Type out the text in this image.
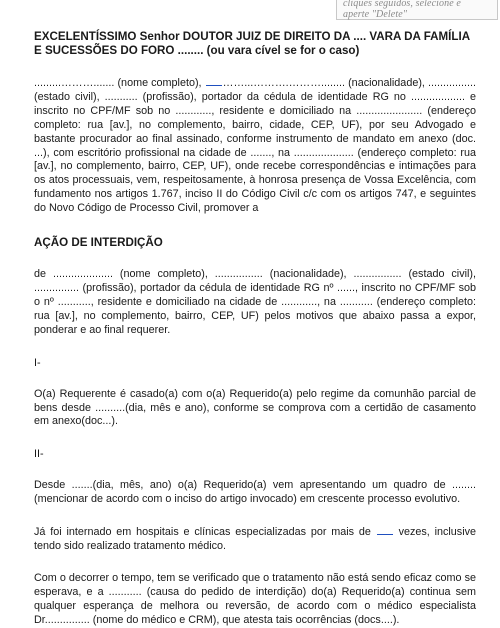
cliques seguidos, selecione e
aperte "Delete"

EXCELENTÍSSIMO Senhor DOUTOR JUIZ DE DIREITO DA .... VARA DA FAMÍLIA
E SUCESSÕES DO FORO ........ (ou vara cível se for o caso)

.........………....... (nome completo), ……...……….………........ (nacionalidade), ................ (estado civil), ........... (profissão), portador da cédula de identidade RG no .................. e inscrito no CPF/MF sob no ............, residente e domiciliado na ...................... (endereço completo: rua [av.], no complemento, bairro, cidade, CEP, UF), por seu Advogado e bastante procurador ao final assinado, conforme instrumento de mandato em anexo (doc. ...), com escritório profissional na cidade de ......., na .................... (endereço completo: rua [av.], no complemento, bairro, CEP, UF), onde recebe correspondências e intimações para os atos processuais, vem, respeitosamente, à honrosa presença de Vossa Excelência, com fundamento nos artigos 1.767, inciso II do Código Civil c/c com os artigos 747, e seguintes do Novo Código de Processo Civil, promover a

AÇÃO DE INTERDIÇÃO

de .................... (nome completo), ................ (nacionalidade), ................ (estado civil), ............... (profissão), portador da cédula de identidade RG nº ......, inscrito no CPF/MF sob o nº ..........., residente e domiciliado na cidade de ............, na ........... (endereço completo: rua [av.], no complemento, bairro, CEP, UF) pelos motivos que abaixo passa a expor, ponderar e ao final requerer.

I-

O(a) Requerente é casado(a) com o(a) Requerido(a) pelo regime da comunhão parcial de bens desde ..........(dia, mês e ano), conforme se comprova com a certidão de casamento em anexo(doc...).

II-

Desde .......(dia, mês, ano) o(a) Requerido(a) vem apresentando um quadro de ........(mencionar de acordo com o inciso do artigo invocado) em crescente processo evolutivo.

Já foi internado em hospitais e clínicas especializadas por mais de	vezes, inclusive tendo sido realizado tratamento médico.

Com o decorrer o tempo, tem se verificado que o tratamento não está sendo eficaz como se esperava, e a ........... (causa do pedido de interdição) do(a) Requerido(a) continua sem qualquer esperança de melhora ou reversão, de acordo com o médico especialista Dr............... (nome do médico e CRM), que atesta tais ocorrências (docs....).
